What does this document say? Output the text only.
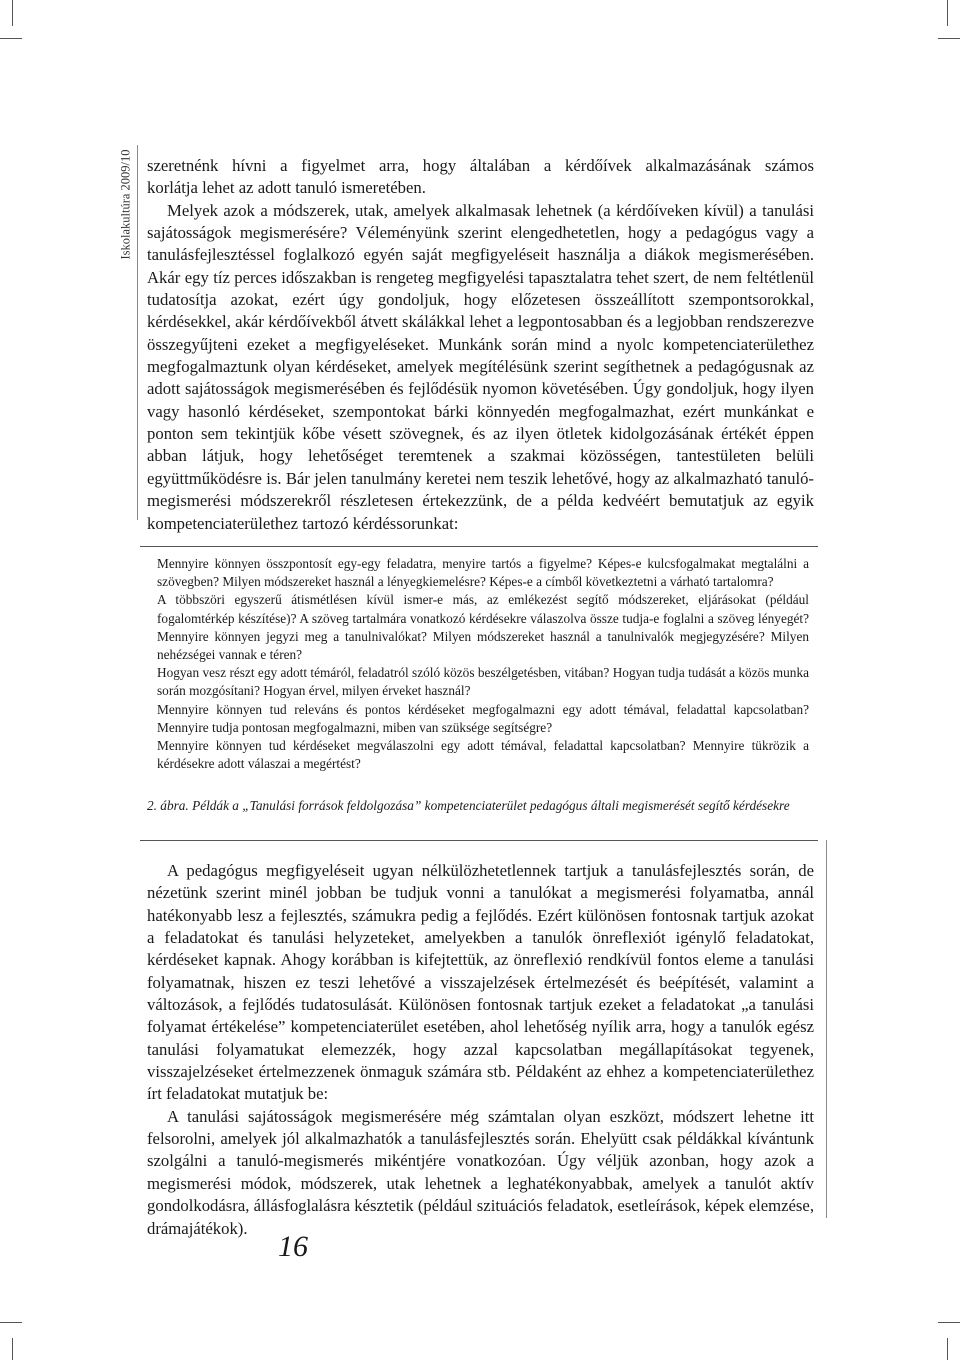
Iskolakultúra 2009/10 szeretnénk hívni a figyelmet arra, hogy általában a kérdőívek alkalmazásának számos
korlátja lehet az adott tanuló ismeretében.
Melyek azok a módszerek, utak, amelyek alkalmasak lehetnek (a kérdőíveken kívül) a tanulási sajátosságok megismerésére? Véleményünk szerint elengedhetetlen, hogy a pedagógus vagy a tanulásfejlesztéssel foglalkozó egyén saját megfigyeléseit használja a diákok megismerésében. Akár egy tíz perces időszakban is rengeteg megfigyelési tapasztalatra tehet szert, de nem feltétlenül tudatosítja azokat, ezért úgy gondoljuk, hogy előzetesen összeállított szempontsorokkal, kérdésekkel, akár kérdőívekből átvett skálákkal lehet a legpontosabban és a legjobban rendszerezve összegyűjteni ezeket a megfigyeléseket. Munkánk során mind a nyolc kompetenciaterülethez megfogalmaztunk olyan kérdéseket, amelyek megítélésünk szerint segíthetnek a pedagógusnak az adott sajátosságok megismerésében és fejlődésük nyomon követésében. Úgy gondoljuk, hogy ilyen vagy hasonló kérdéseket, szempontokat bárki könnyedén megfogalmazhat, ezért munkánkat e ponton sem tekintjük kőbe vésett szövegnek, és az ilyen ötletek kidolgozásának értékét éppen abban látjuk, hogy lehetőséget teremtenek a szakmai közösségen, tantestületen belüli együttműködésre is. Bár jelen tanulmány keretei nem teszik lehetővé, hogy az alkalmazható tanuló-megismerési módszerekről részletesen értekezzünk, de a példa kedvéért bemutatjuk az egyik kompetenciaterülethez tartozó kérdéssorunkat:

Mennyire könnyen összpontosít egy-egy feladatra, menyire tartós a figyelme? Képes-e kulcsfogalmakat megtalálni a szövegben? Milyen módszereket használ a lényegkiemelésre? Képes-e a címből következtetni a várható tartalomra?

A többszöri egyszerű átismétlésen kívül ismer-e más, az emlékezést segítő módszereket, eljárásokat (például fogalomtérkép készítése)? A szöveg tartalmára vonatkozó kérdésekre válaszolva össze tudja-e foglalni a szöveg lényegét? Mennyire könnyen jegyzi meg a tanulnivalókat? Milyen módszereket használ a tanulnivalók megjegyzésére? Milyen nehézségei vannak e téren?

Hogyan vesz részt egy adott témáról, feladatról szóló közös beszélgetésben, vitában? Hogyan tudja tudását a közös munka során mozgósítani? Hogyan érvel, milyen érveket használ?

Mennyire könnyen tud releváns és pontos kérdéseket megfogalmazni egy adott témával, feladattal kapcsolatban? Mennyire tudja pontosan megfogalmazni, miben van szüksége segítségre?

Mennyire könnyen tud kérdéseket megválaszolni egy adott témával, feladattal kapcsolatban? Mennyire tükrözik a kérdésekre adott válaszai a megértést?

2. ábra. Példák a „Tanulási források feldolgozása” kompetenciaterület pedagógus általi megismerését segítő kérdésekre

A pedagógus megfigyeléseit ugyan nélkülözhetetlennek tartjuk a tanulásfejlesztés során, de nézetünk szerint minél jobban be tudjuk vonni a tanulókat a megismerési folyamatba, annál hatékonyabb lesz a fejlesztés, számukra pedig a fejlődés. Ezért különösen fontosnak tartjuk azokat a feladatokat és tanulási helyzeteket, amelyekben a tanulók önreflexiót igénylő feladatokat, kérdéseket kapnak. Ahogy korábban is kifejtettük, az önreflexió rendkívül fontos eleme a tanulási folyamatnak, hiszen ez teszi lehetővé a visszajelzések értelmezését és beépítését, valamint a változások, a fejlődés tudatosulását. Különösen fontosnak tartjuk ezeket a feladatokat „a tanulási folyamat értékelése” kompetenciaterület esetében, ahol lehetőség nyílik arra, hogy a tanulók egész tanulási folyamatukat elemezzék, hogy azzal kapcsolatban megállapításokat tegyenek, visszajelzéseket értelmezzenek önmaguk számára stb. Példaként az ehhez a kompetenciaterülethez írt feladatokat mutatjuk be:

A tanulási sajátosságok megismerésére még számtalan olyan eszközt, módszert lehetne itt felsorolni, amelyek jól alkalmazhatók a tanulásfejlesztés során. Ehelyütt csak példákkal kívántunk szolgálni a tanuló-megismerés mikéntjére vonatkozóan. Úgy véljük azonban, hogy azok a megismerési módok, módszerek, utak lehetnek a leghatékonyabbak, amelyek a tanulót aktív gondolkodásra, állásfoglalásra késztetik (például szituációs feladatok, esetleírások, képek elemzése, drámajátékok).

16
